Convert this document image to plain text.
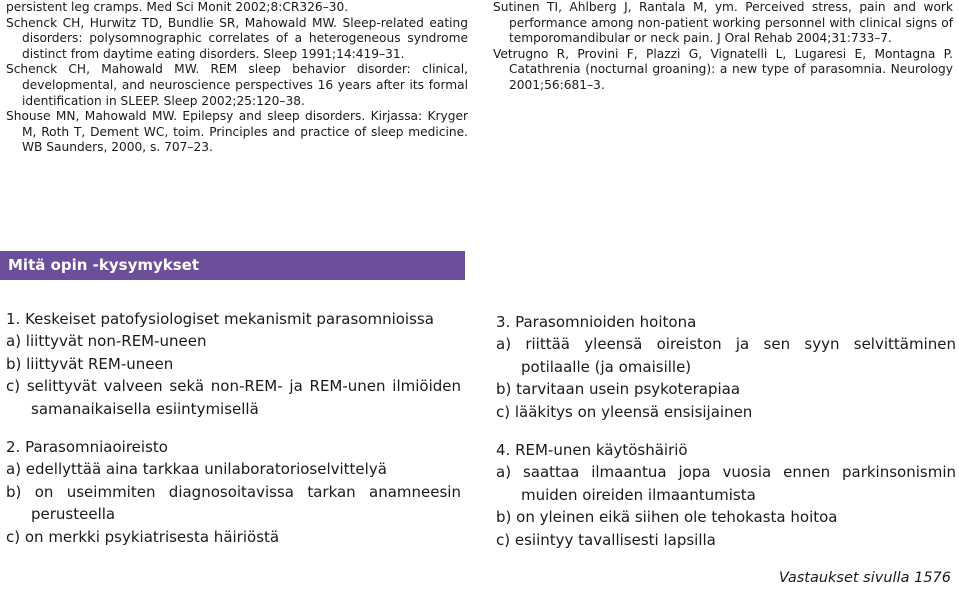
persistent leg cramps. Med Sci Monit 2002;8:CR326–30.

Schenck CH, Hurwitz TD, Bundlie SR, Mahowald MW. Sleep-related eating disorders: polysomnographic correlates of a heterogeneous syndrome distinct from daytime eating disorders. Sleep 1991;14:419–31.

Schenck CH, Mahowald MW. REM sleep behavior disorder: clinical, developmental, and neuroscience perspectives 16 years after its formal identification in SLEEP. Sleep 2002;25:120–38.

Shouse MN, Mahowald MW. Epilepsy and sleep disorders. Kirjassa: Kryger M, Roth T, Dement WC, toim. Principles and practice of sleep medicine. WB Saunders, 2000, s. 707–23.

Sutinen TI, Ahlberg J, Rantala M, ym. Perceived stress, pain and work performance among non-patient working personnel with clinical signs of temporomandibular or neck pain. J Oral Rehab 2004;31:733–7.

Vetrugno R, Provini F, Plazzi G, Vignatelli L, Lugaresi E, Montagna P. Catathrenia (nocturnal groaning): a new type of parasomnia. Neurology 2001;56:681–3.

Mitä opin -kysymykset

1. Keskeiset patofysiologiset mekanismit parasomnioissa

a) liittyvät non-REM-uneen

b) liittyvät REM-uneen

c) selittyvät valveen sekä non-REM- ja REM-unen ilmiöiden samanaikaisella esiintymisellä

2. Parasomniaoireisto

a) edellyttää aina tarkkaa unilaboratorioselvittelyä

b) on useimmiten diagnosoitavissa tarkan anamneesin perusteella

c) on merkki psykiatrisesta häiriöstä

3. Parasomnioiden hoitona

a) riittää yleensä oireiston ja sen syyn selvittäminen potilaalle (ja omaisille)

b) tarvitaan usein psykoterapiaa

c) lääkitys on yleensä ensisijainen

4. REM-unen käytöshäiriö

a) saattaa ilmaantua jopa vuosia ennen parkinsonismin muiden oireiden ilmaantumista

b) on yleinen eikä siihen ole tehokasta hoitoa

c) esiintyy tavallisesti lapsilla

Vastaukset sivulla 1576
